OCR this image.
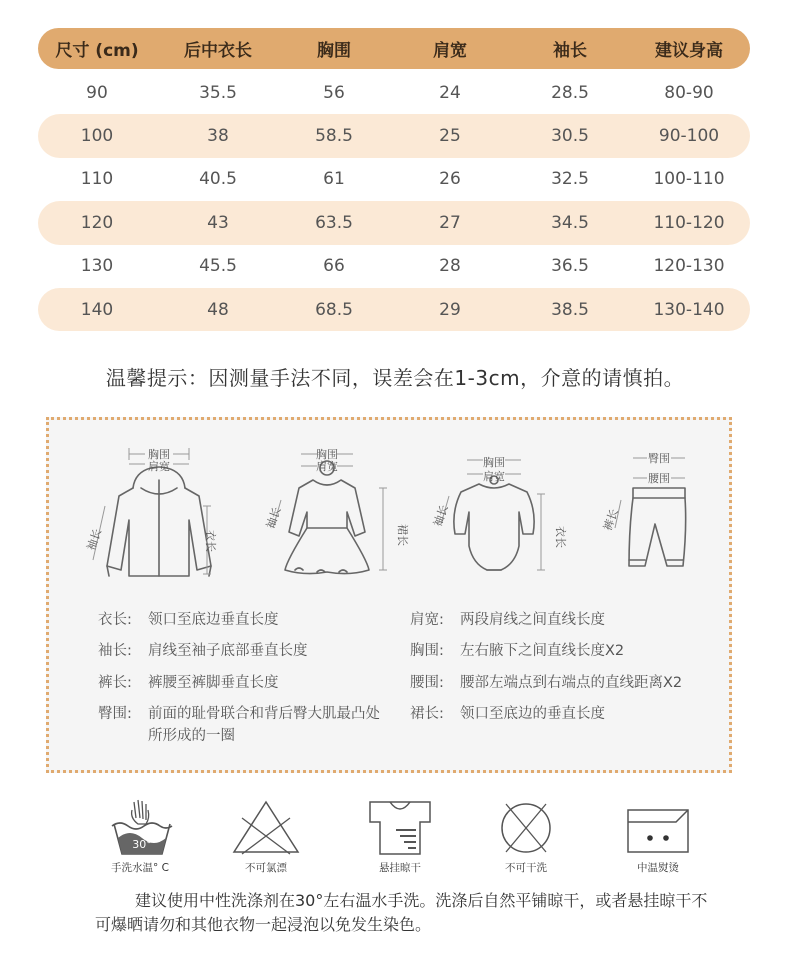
尺寸 (cm)	后中衣长	胸围	肩宽	袖长	建议身高
90	35.5	56	24	28.5	80-90
100	38	58.5	25	30.5	90-100
110	40.5	61	26	32.5	100-110
120	43	63.5	27	34.5	110-120
130	45.5	66	28	36.5	120-130
140	48	68.5	29	38.5	130-140
温馨提示：因测量手法不同，误差会在1-3cm，介意的请慎拍。
胸围
肩宽
衣长
袖长
胸围
肩宽
裙长
袖长
胸围
肩宽
衣长
袖长
臀围
腰围
裤长
衣长:	领口至底边垂直长度
袖长:	肩线至袖子底部垂直长度
裤长:	裤腰至裤脚垂直长度
臀围:	前面的耻骨联合和背后臀大肌最凸处所形成的一圈
肩宽:	两段肩线之间直线长度
胸围:	左右腋下之间直线长度X2
腰围:	腰部左端点到右端点的直线距离X2
裙长:	领口至底边的垂直长度
30°
手洗水温° C	不可氯漂	悬挂晾干	不可干洗	中温熨烫
建议使用中性洗涤剂在30°左右温水手洗。洗涤后自然平铺晾干，或者悬挂晾干不可爆晒请勿和其他衣物一起浸泡以免发生染色。
